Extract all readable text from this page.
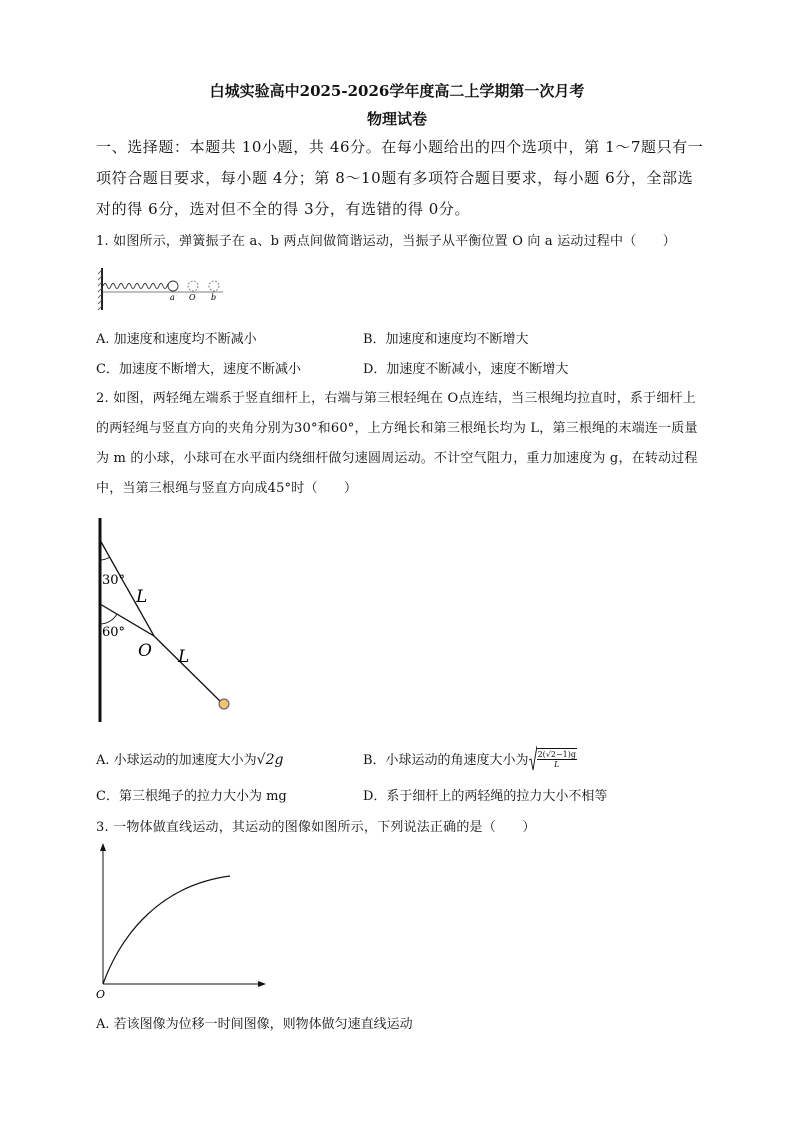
白城实验高中2025-2026学年度高二上学期第一次月考
物理试卷
一、选择题：本题共 10小题，共 46分。在每小题给出的四个选项中，第 1～7题只有一项符合题目要求，每小题 4分；第 8～10题有多项符合题目要求，每小题 6分，全部选对的得 6分，选对但不全的得 3分，有选错的得 0分。
1. 如图所示，弹簧振子在 a、b 两点间做简谐运动，当振子从平衡位置 O 向 a 运动过程中（　　）
a O b
A. 加速度和速度均不断减小	B．加速度和速度均不断增大
C．加速度不断增大，速度不断减小	D．加速度不断减小，速度不断增大
2. 如图，两轻绳左端系于竖直细杆上，右端与第三根轻绳在 O点连结，当三根绳均拉直时，系于细杆上的两轻绳与竖直方向的夹角分别为30°和60°，上方绳长和第三根绳长均为 L，第三根绳的末端连一质量为 m 的小球，小球可在水平面内绕细杆做匀速圆周运动。不计空气阻力，重力加速度为 g，在转动过程中，当第三根绳与竖直方向成45°时（　　）
30°
60°
L
O L
A. 小球运动的加速度大小为√2g	B．小球运动的角速度大小为 $\frac{2(√2-1)g}{L}$
C．第三根绳子的拉力大小为 mg	D．系于细杆上的两轻绳的拉力大小不相等
3. 一物体做直线运动，其运动的图像如图所示，下列说法正确的是（　　）
O
A. 若该图像为位移一时间图像，则物体做匀速直线运动
